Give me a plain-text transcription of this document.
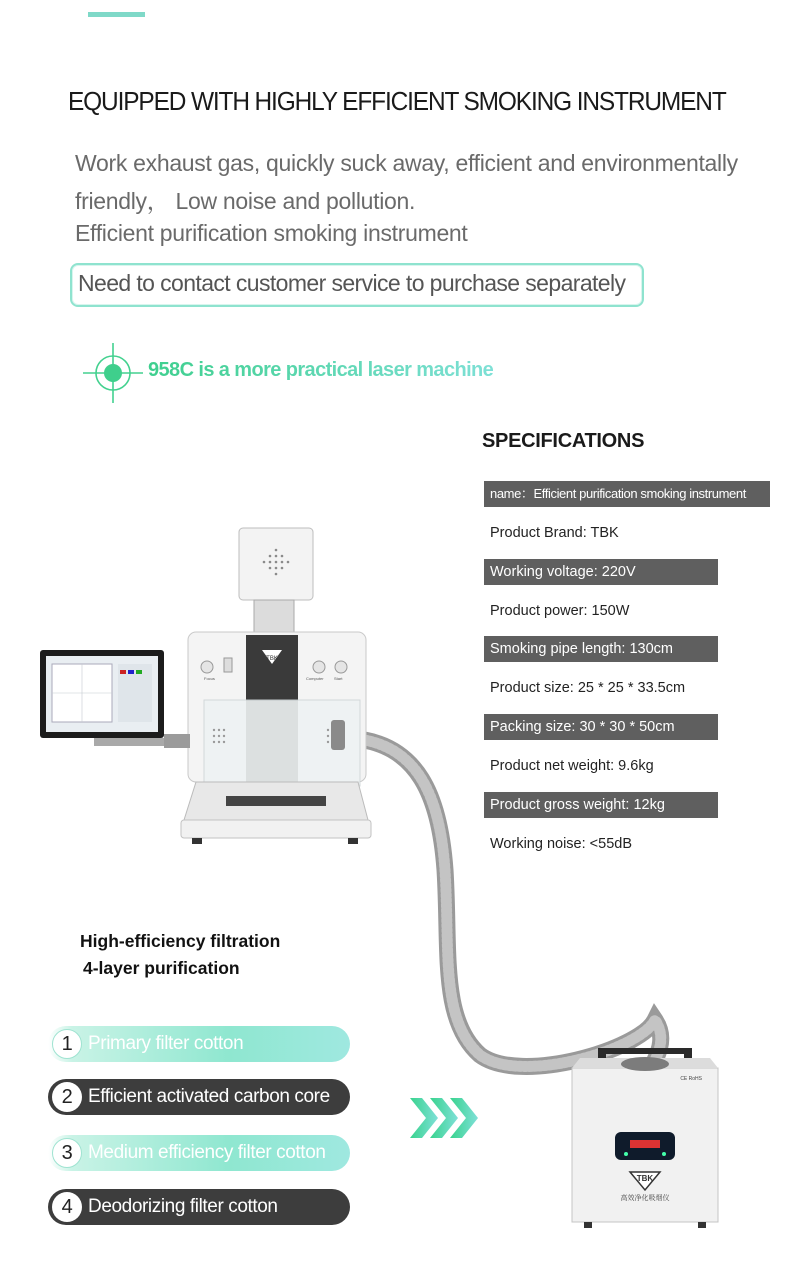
EQUIPPED WITH HIGHLY EFFICIENT SMOKING INSTRUMENT
Work exhaust gas, quickly suck away, efficient and environmentally
friendly， Low noise and pollution.
Efficient purification smoking instrument
Need to contact customer service to purchase separately
958C is a more practical laser machine
SPECIFICATIONS
name：Efficient purification smoking instrument
Product Brand: TBK
Working voltage: 220V
Product power: 150W
Smoking pipe length: 130cm
Product size: 25 * 25 * 33.5cm
Packing size: 30 * 30 * 50cm
Product net weight: 9.6kg
Product gross weight: 12kg
Working noise: <55dB
TBK
Focus	Computer	Start
TBK
高效净化吸烟仪
CE RoHS
High-efficiency filtration
4-layer purification
1 Primary filter cotton
2 Efficient activated carbon core
3 Medium efficiency filter cotton
4 Deodorizing filter cotton
